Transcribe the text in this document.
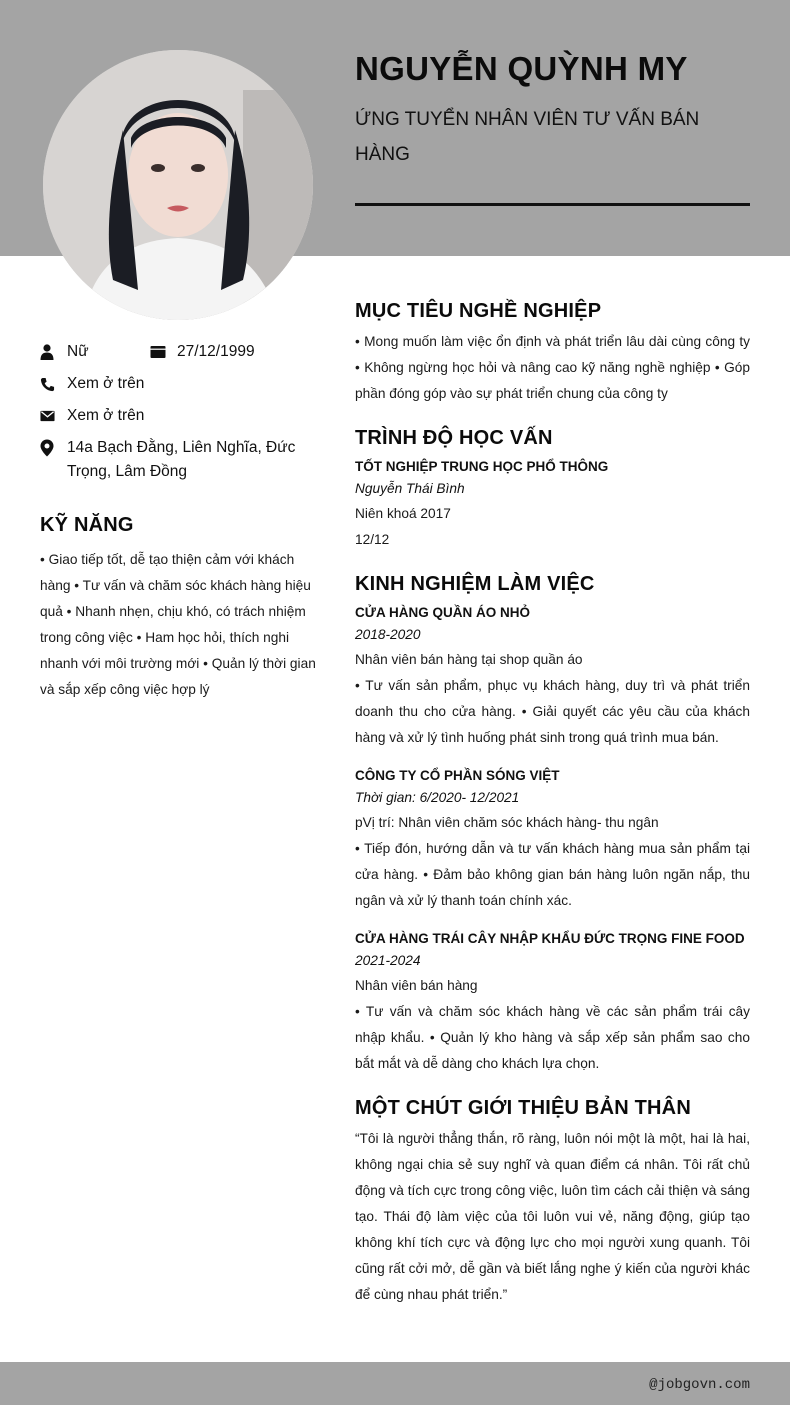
NGUYỄN QUỲNH MY
ỨNG TUYỂN NHÂN VIÊN TƯ VẤN BÁN HÀNG
Nữ	27/12/1999
Xem ở trên
Xem ở trên
14a Bạch Đằng, Liên Nghĩa, Đức Trọng, Lâm Đồng
KỸ NĂNG
• Giao tiếp tốt, dễ tạo thiện cảm với khách hàng • Tư vấn và chăm sóc khách hàng hiệu quả • Nhanh nhẹn, chịu khó, có trách nhiệm trong công việc • Ham học hỏi, thích nghi nhanh với môi trường mới • Quản lý thời gian và sắp xếp công việc hợp lý
MỤC TIÊU NGHỀ NGHIỆP
• Mong muốn làm việc ổn định và phát triển lâu dài cùng công ty • Không ngừng học hỏi và nâng cao kỹ năng nghề nghiệp • Góp phần đóng góp vào sự phát triển chung của công ty
TRÌNH ĐỘ HỌC VẤN
TỐT NGHIỆP TRUNG HỌC PHỔ THÔNG
Nguyễn Thái Bình
Niên khoá 2017
12/12
KINH NGHIỆM LÀM VIỆC
CỬA HÀNG QUẦN ÁO NHỎ
2018-2020
Nhân viên bán hàng tại shop quần áo
• Tư vấn sản phẩm, phục vụ khách hàng, duy trì và phát triển doanh thu cho cửa hàng. • Giải quyết các yêu cầu của khách hàng và xử lý tình huống phát sinh trong quá trình mua bán.
CÔNG TY CỔ PHẦN SÓNG VIỆT
Thời gian: 6/2020- 12/2021
pVị trí: Nhân viên chăm sóc khách hàng- thu ngân
• Tiếp đón, hướng dẫn và tư vấn khách hàng mua sản phẩm tại cửa hàng. • Đảm bảo không gian bán hàng luôn ngăn nắp, thu ngân và xử lý thanh toán chính xác.
CỬA HÀNG TRÁI CÂY NHẬP KHẨU ĐỨC TRỌNG FINE FOOD
2021-2024
Nhân viên bán hàng
• Tư vấn và chăm sóc khách hàng về các sản phẩm trái cây nhập khẩu. • Quản lý kho hàng và sắp xếp sản phẩm sao cho bắt mắt và dễ dàng cho khách lựa chọn.
MỘT CHÚT GIỚI THIỆU BẢN THÂN
“Tôi là người thẳng thắn, rõ ràng, luôn nói một là một, hai là hai, không ngại chia sẻ suy nghĩ và quan điểm cá nhân. Tôi rất chủ động và tích cực trong công việc, luôn tìm cách cải thiện và sáng tạo. Thái độ làm việc của tôi luôn vui vẻ, năng động, giúp tạo không khí tích cực và động lực cho mọi người xung quanh. Tôi cũng rất cởi mở, dễ gần và biết lắng nghe ý kiến của người khác để cùng nhau phát triển.”
@jobgovn.com
